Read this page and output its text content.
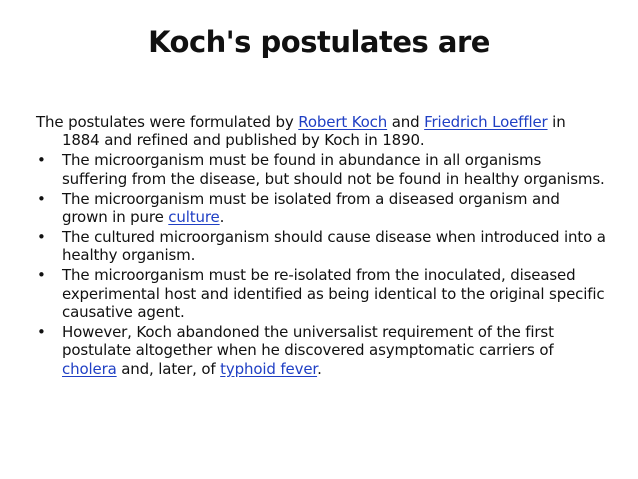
Koch's postulates are

The postulates were formulated by Robert Koch and Friedrich Loeffler in 1884 and refined and published by Koch in 1890.

•	The microorganism must be found in abundance in all organisms suffering from the disease, but should not be found in healthy organisms.
•	The microorganism must be isolated from a diseased organism and grown in pure culture.
•	The cultured microorganism should cause disease when introduced into a healthy organism.
•	The microorganism must be re-isolated from the inoculated, diseased experimental host and identified as being identical to the original specific causative agent.
•	However, Koch abandoned the universalist requirement of the first postulate altogether when he discovered asymptomatic carriers of cholera and, later, of typhoid fever.
